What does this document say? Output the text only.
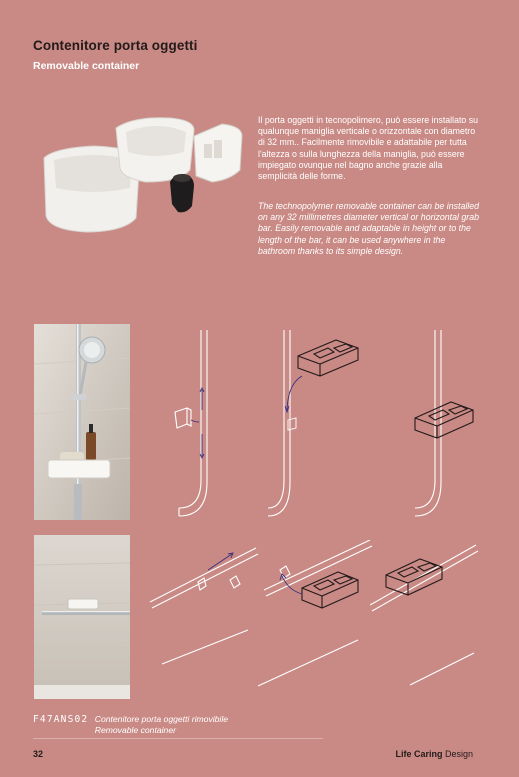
Contenitore porta oggetti
Removable container
Il porta oggetti in tecnopolimero, può essere installato su qualunque maniglia verticale o orizzontale con diametro di 32 mm.. Facilmente rimovibile e adattabile per tutta l'altezza o sulla lunghezza della maniglia, può essere impiegato ovunque nel bagno anche grazie alla semplicità delle forme.
The technopolymer removable container can be installed on any 32 millimetres diameter vertical or horizontal grab bar. Easily removable and adaptable in height or to the length of the bar, it can be used anywhere in the bathroom thanks to its simple design.
F47ANS02 Contenitore porta oggetti rimovibile
Removable container
32	Life Caring Design
